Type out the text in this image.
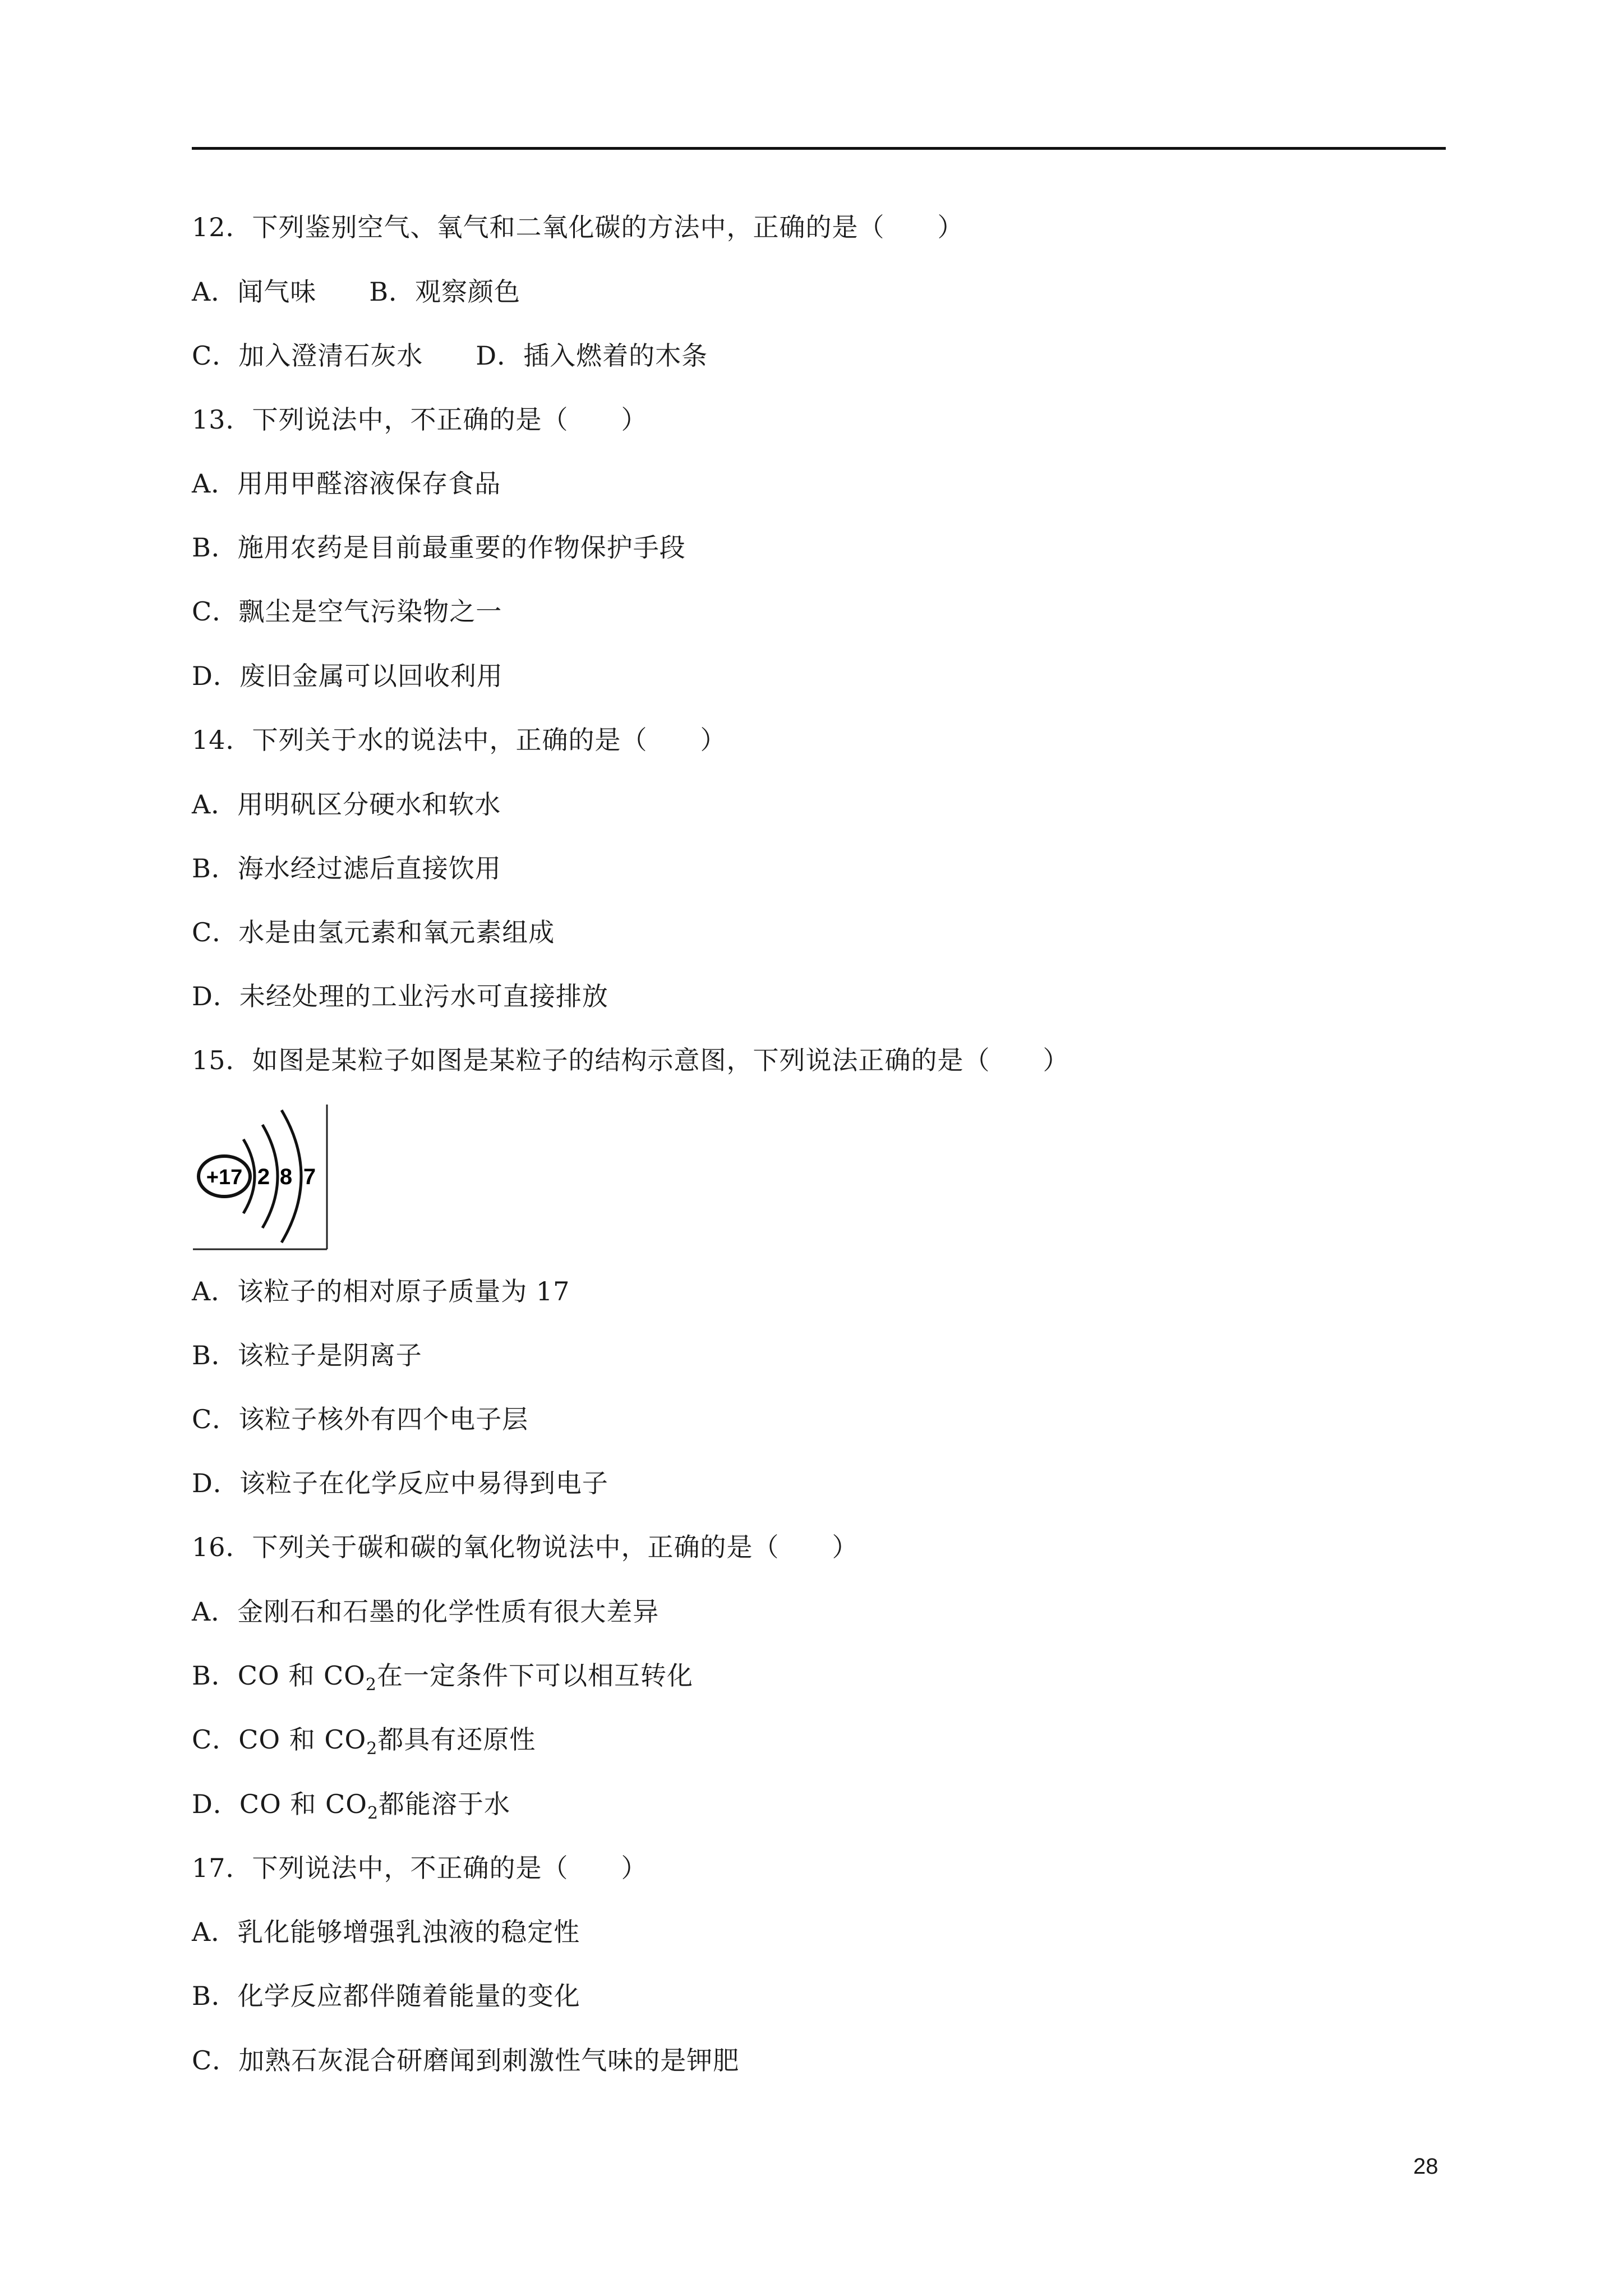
12．下列鉴别空气、氧气和二氧化碳的方法中，正确的是（　　）
A．闻气味　　B．观察颜色
C．加入澄清石灰水　　D．插入燃着的木条
13．下列说法中，不正确的是（　　）
A．用用甲醛溶液保存食品
B．施用农药是目前最重要的作物保护手段
C．飘尘是空气污染物之一
D．废旧金属可以回收利用
14．下列关于水的说法中，正确的是（　　）
A．用明矾区分硬水和软水
B．海水经过滤后直接饮用
C．水是由氢元素和氧元素组成
D．未经处理的工业污水可直接排放
15．如图是某粒子如图是某粒子的结构示意图，下列说法正确的是（　　）
+17 2 8 7
A．该粒子的相对原子质量为 17
B．该粒子是阴离子
C．该粒子核外有四个电子层
D．该粒子在化学反应中易得到电子
16．下列关于碳和碳的氧化物说法中，正确的是（　　）
A．金刚石和石墨的化学性质有很大差异
B．CO 和 $CO_2$在一定条件下可以相互转化
C．CO 和 $CO_2$都具有还原性
D．CO 和 $CO_2$都能溶于水
17．下列说法中，不正确的是（　　）
A．乳化能够增强乳浊液的稳定性
B．化学反应都伴随着能量的变化
C．加熟石灰混合研磨闻到刺激性气味的是钾肥
28
